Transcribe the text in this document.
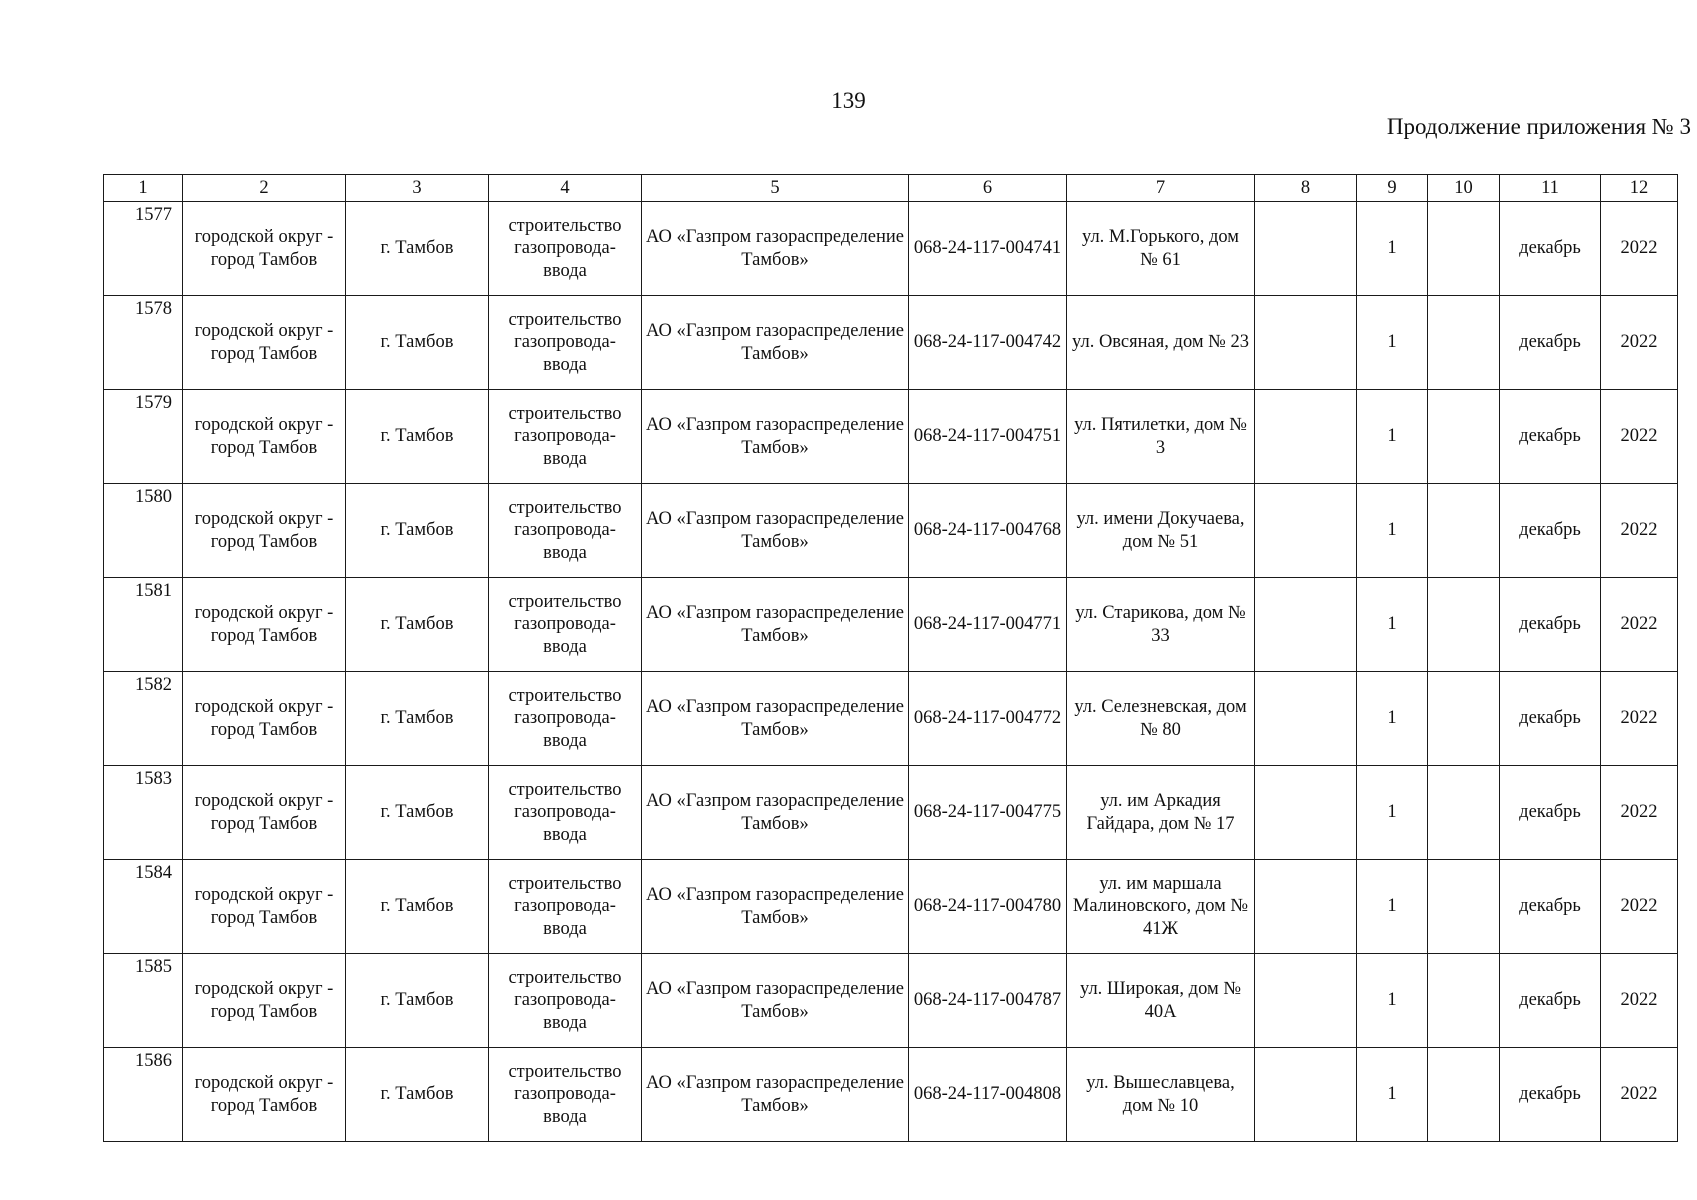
139
Продолжение приложения № 3
1	2	3	4	5	6	7	8	9	10	11	12
1577	городской округ - город Тамбов	г. Тамбов	строительство газопровода-ввода	АО «Газпром газораспределение Тамбов»	068-24-117-004741	ул. М.Горького, дом № 61		1		декабрь	2022
1578	городской округ - город Тамбов	г. Тамбов	строительство газопровода-ввода	АО «Газпром газораспределение Тамбов»	068-24-117-004742	ул. Овсяная, дом № 23		1		декабрь	2022
1579	городской округ - город Тамбов	г. Тамбов	строительство газопровода-ввода	АО «Газпром газораспределение Тамбов»	068-24-117-004751	ул. Пятилетки, дом № 3		1		декабрь	2022
1580	городской округ - город Тамбов	г. Тамбов	строительство газопровода-ввода	АО «Газпром газораспределение Тамбов»	068-24-117-004768	ул. имени Докучаева, дом № 51		1		декабрь	2022
1581	городской округ - город Тамбов	г. Тамбов	строительство газопровода-ввода	АО «Газпром газораспределение Тамбов»	068-24-117-004771	ул. Старикова, дом № 33		1		декабрь	2022
1582	городской округ - город Тамбов	г. Тамбов	строительство газопровода-ввода	АО «Газпром газораспределение Тамбов»	068-24-117-004772	ул. Селезневская, дом № 80		1		декабрь	2022
1583	городской округ - город Тамбов	г. Тамбов	строительство газопровода-ввода	АО «Газпром газораспределение Тамбов»	068-24-117-004775	ул. им Аркадия Гайдара, дом № 17		1		декабрь	2022
1584	городской округ - город Тамбов	г. Тамбов	строительство газопровода-ввода	АО «Газпром газораспределение Тамбов»	068-24-117-004780	ул. им маршала Малиновского, дом № 41Ж		1		декабрь	2022
1585	городской округ - город Тамбов	г. Тамбов	строительство газопровода-ввода	АО «Газпром газораспределение Тамбов»	068-24-117-004787	ул. Широкая, дом № 40А		1		декабрь	2022
1586	городской округ - город Тамбов	г. Тамбов	строительство газопровода-ввода	АО «Газпром газораспределение Тамбов»	068-24-117-004808	ул. Вышеславцева, дом № 10		1		декабрь	2022
